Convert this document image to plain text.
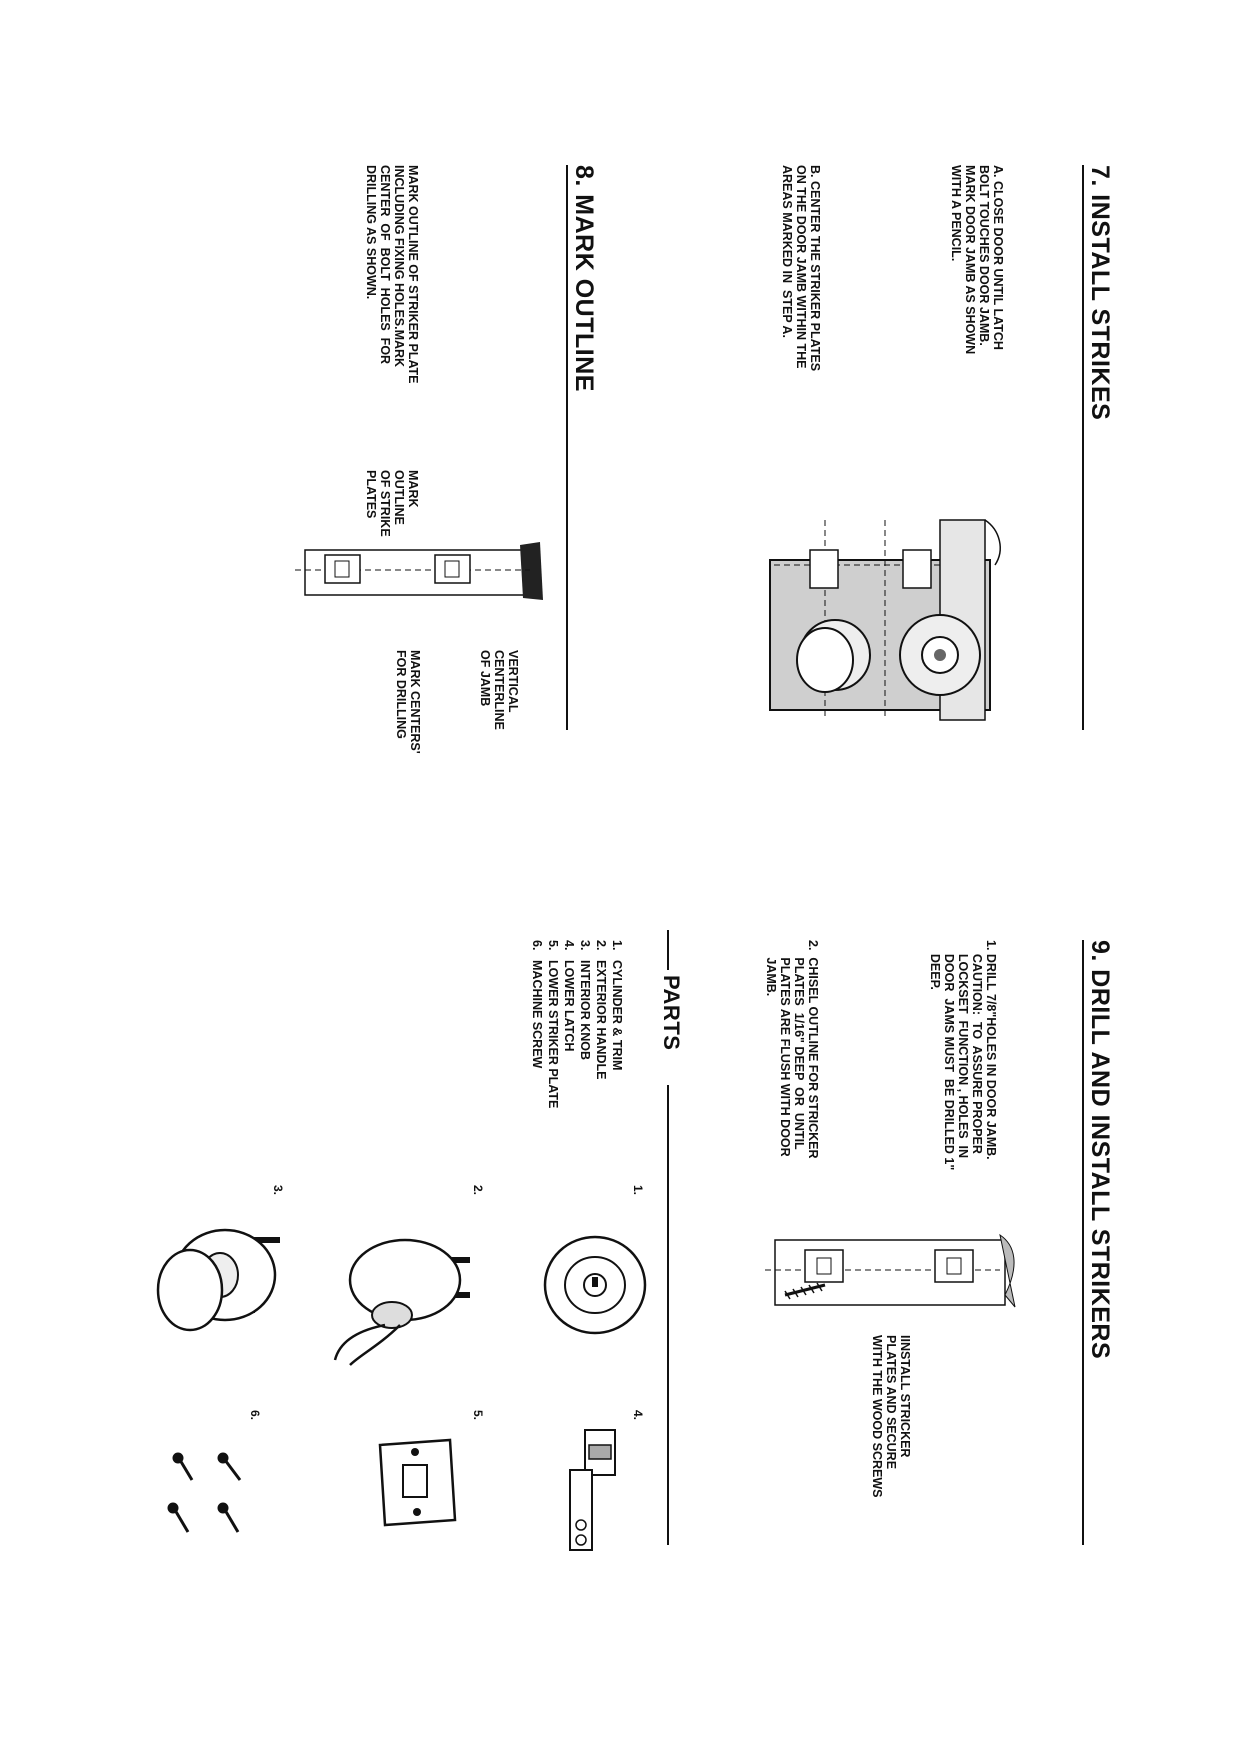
7. INSTALL STRIKES
A. CLOSE DOOR UNTIL LATCH
BOLT TOUCHES DOOR JAMB.
MARK DOOR JAMB AS SHOWN
WITH A PENCIL.
B. CENTER THE STRIKER PLATES
ON THE DOOR JAMB WITHIN THE
AREAS MARKED IN  STEP A.
8. MARK OUTLINE
MARK OUTLINE OF STRIKER PLATE
INCLUDING FIXING HOLES.MARK
CENTER  OF  BOLT  HOLES  FOR
DRILLING AS SHOWN.
MARK
OUTLINE
OF STRIKE
PLATES
VERTICAL
CENTERLINE
OF JAMB
MARK CENTERS'
FOR DRILLING
9. DRILL AND INSTALL STRIKERS
1. DRILL 7/8"HOLES IN DOOR JAMB.
CAUTION:  TO  ASSURE PROPER
LOCKSET  FUNCTION , HOLES  IN
DOOR  JAMS MUST  BE DRILLED 1"
DEEP.
2.  CHISEL OUTLINE FOR STRICKER
PLATES  1/16" DEEP  OR  UNTIL
PLATES ARE FLUSH WITH DOOR
JAMB.
IINSTALL STRICKER
PLATES AND SECURE
WITH THE WOOD SCREWS
PARTS
1.CYLINDER & TRIM
2.EXTERIOR HANDLE
3.INTERIOR KNOB
4.LOWER LATCH
5.LOWER STRIKER PLATE
6.MACHINE SCREW
1.
2.
3.
4.
5.
6.
